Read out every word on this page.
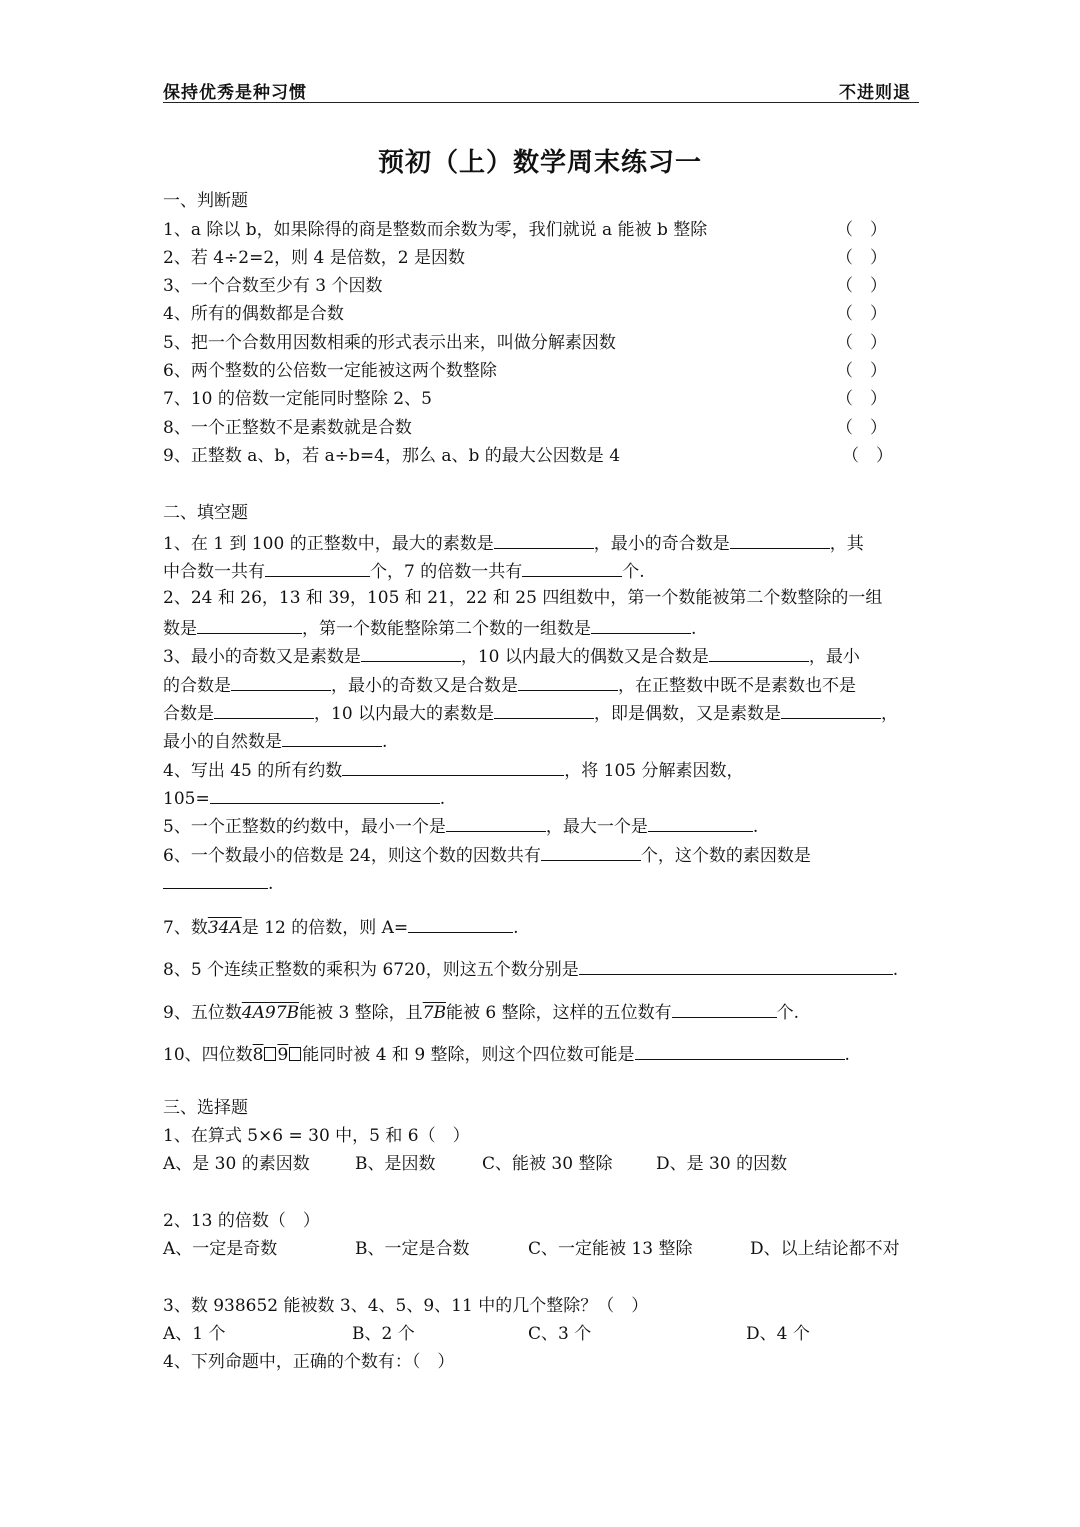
保持优秀是种习惯	不进则退
预初（上）数学周末练习一
一、判断题
1、a 除以 b，如果除得的商是整数而余数为零，我们就说 a 能被 b 整除	（　）
2、若 4÷2=2，则 4 是倍数，2 是因数	（　）
3、一个合数至少有 3 个因数	（　）
4、所有的偶数都是合数	（　）
5、把一个合数用因数相乘的形式表示出来，叫做分解素因数	（　）
6、两个整数的公倍数一定能被这两个数整除	（　）
7、10 的倍数一定能同时整除 2、5	（　）
8、一个正整数不是素数就是合数	（　）
9、正整数 a、b，若 a÷b=4，那么 a、b 的最大公因数是 4	（　）
二、填空题
1、在 1 到 100 的正整数中，最大的素数是	，最小的奇合数是	，其
中合数一共有	个，7 的倍数一共有	个.
2、24 和 26，13 和 39，105 和 21，22 和 25 四组数中，第一个数能被第二个数整除的一组
数是	，第一个数能整除第二个数的一组数是	.
3、最小的奇数又是素数是	，10 以内最大的偶数又是合数是	，最小
的合数是	，最小的奇数又是合数是	，在正整数中既不是素数也不是
合数是	，10 以内最大的素数是	，即是偶数，又是素数是	，
最小的自然数是	.
4、写出 45 的所有约数	，将 105 分解素因数，
105=	.
5、一个正整数的约数中，最小一个是	，最大一个是	.
6、一个数最小的倍数是 24，则这个数的因数共有	个，这个数的素因数是
.
7、数34A是 12 的倍数，则 A=	.
8、5 个连续正整数的乘积为 6720，则这五个数分别是	.
9、五位数4A97B能被 3 整除，且7B能被 6 整除，这样的五位数有	个.
10、四位数8 9 能同时被 4 和 9 整除，则这个四位数可能是	.
三、选择题
1、在算式 5×6 = 30 中，5 和 6（　）
A、是 30 的素因数	B、是因数	C、能被 30 整除	D、是 30 的因数
2、13 的倍数（　）
A、一定是奇数	B、一定是合数	C、一定能被 13 整除	D、以上结论都不对
3、数 938652 能被数 3、4、5、9、11 中的几个整除？（　）
A、1 个	B、2 个	C、3 个	D、4 个
4、下列命题中，正确的个数有：（　）
